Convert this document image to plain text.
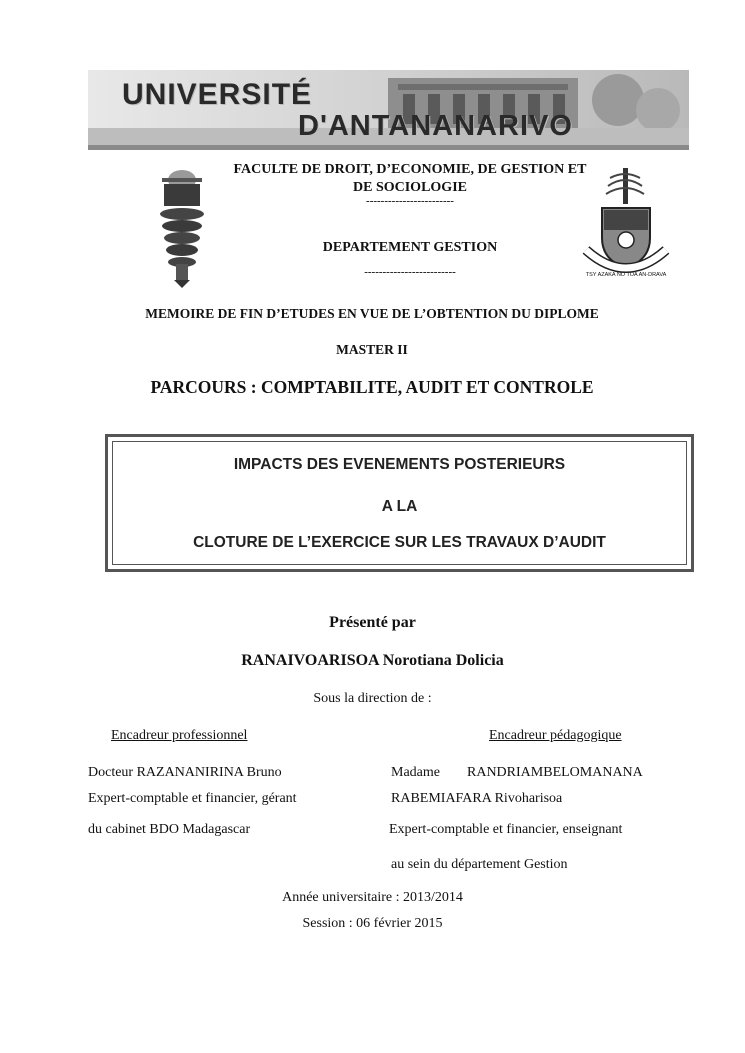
UNIVERSITÉ
D'ANTANANARIVO
TSY AZAKA NO TOA AN-DRAVA
FACULTE DE DROIT, D’ECONOMIE, DE GESTION ET
DE SOCIOLOGIE
------------------------
DEPARTEMENT GESTION
-------------------------
MEMOIRE DE FIN D’ETUDES EN VUE DE L’OBTENTION DU DIPLOME
MASTER II
PARCOURS : COMPTABILITE, AUDIT ET CONTROLE
IMPACTS DES EVENEMENTS POSTERIEURS
A LA
CLOTURE DE L’EXERCICE SUR LES TRAVAUX D’AUDIT
Présenté par
RANAIVOARISOA Norotiana Dolicia
Sous la direction de :
Encadreur professionnel	Encadreur pédagogique
Docteur RAZANANIRINA Bruno
Expert-comptable et financier, gérant
du cabinet BDO Madagascar
Madame RANDRIAMBELOMANANA
RABEMIAFARA Rivoharisoa
Expert-comptable et financier, enseignant
au sein du département Gestion
Année universitaire : 2013/2014
Session : 06 février 2015
